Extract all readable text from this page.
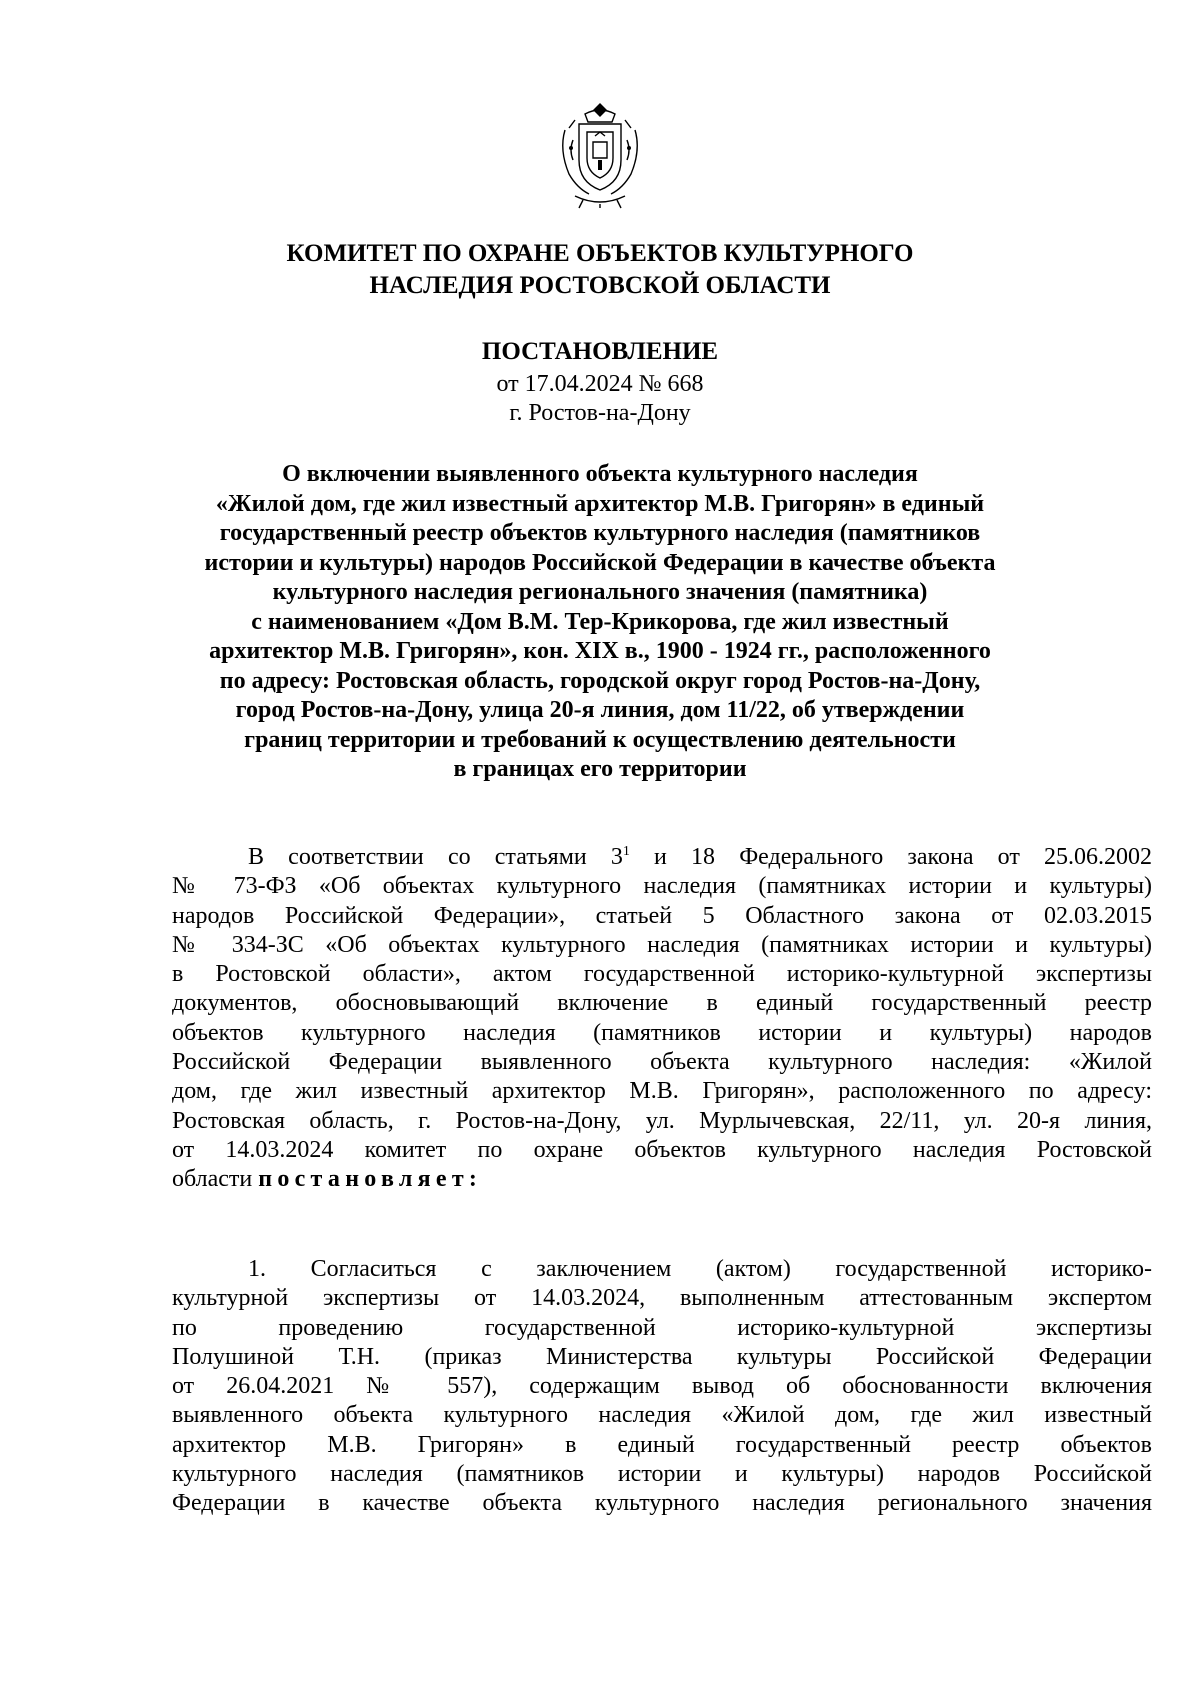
КОМИТЕТ ПО ОХРАНЕ ОБЪЕКТОВ КУЛЬТУРНОГО
НАСЛЕДИЯ РОСТОВСКОЙ ОБЛАСТИ
ПОСТАНОВЛЕНИЕ
от 17.04.2024 № 668
г. Ростов-на-Дону
О включении выявленного объекта культурного наследия
«Жилой дом, где жил известный архитектор М.В. Григорян» в единый
государственный реестр объектов культурного наследия (памятников
истории и культуры) народов Российской Федерации в качестве объекта
культурного наследия регионального значения (памятника)
с наименованием «Дом В.М. Тер-Крикорова, где жил известный
архитектор М.В. Григорян», кон. XIX в., 1900 - 1924 гг., расположенного
по адресу: Ростовская область, городской округ город Ростов-на-Дону,
город Ростов-на-Дону, улица 20-я линия, дом 11/22, об утверждении
границ территории и требований к осуществлению деятельности
в границах его территории
В соответствии со статьями $3^1$ и 18 Федерального закона от 25.06.2002
№ 73-ФЗ «Об объектах культурного наследия (памятниках истории и культуры)
народов Российской Федерации», статьей 5 Областного закона от 02.03.2015
№ 334-ЗС «Об объектах культурного наследия (памятниках истории и культуры)
в Ростовской области», актом государственной историко-культурной экспертизы
документов, обосновывающий включение в единый государственный реестр
объектов культурного наследия (памятников истории и культуры) народов
Российской Федерации выявленного объекта культурного наследия: «Жилой
дом, где жил известный архитектор М.В. Григорян», расположенного по адресу:
Ростовская область, г. Ростов-на-Дону, ул. Мурлычевская, 22/11, ул. 20-я линия,
от 14.03.2024 комитет по охране объектов культурного наследия Ростовской
области постановляет:
1. Согласиться с заключением (актом) государственной историко-
культурной экспертизы от 14.03.2024, выполненным аттестованным экспертом
по проведению государственной историко-культурной экспертизы
Полушиной Т.Н. (приказ Министерства культуры Российской Федерации
от 26.04.2021 № 557), содержащим вывод об обоснованности включения
выявленного объекта культурного наследия «Жилой дом, где жил известный
архитектор М.В. Григорян» в единый государственный реестр объектов
культурного наследия (памятников истории и культуры) народов Российской
Федерации в качестве объекта культурного наследия регионального значения
